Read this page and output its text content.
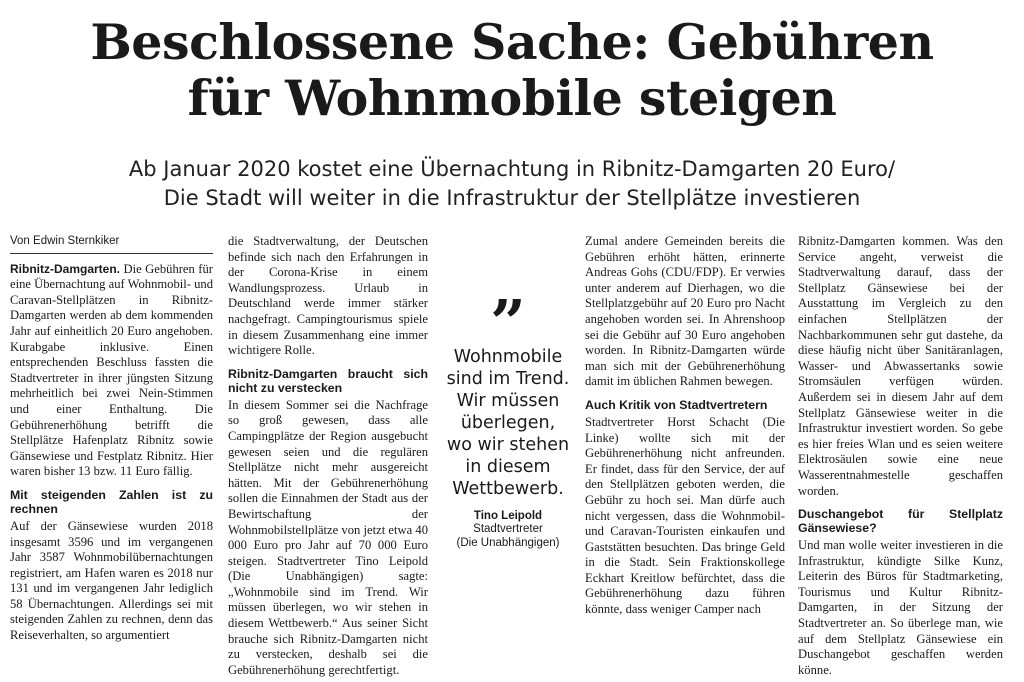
Beschlossene Sache: Gebühren
für Wohnmobile steigen
Ab Januar 2020 kostet eine Übernachtung in Ribnitz-Damgarten 20 Euro/
Die Stadt will weiter in die Infrastruktur der Stellplätze investieren

Von Edwin Sternkiker

Ribnitz-Damgarten. Die Gebühren für eine Übernachtung auf Wohnmobil- und Caravan-Stellplätzen in Ribnitz-Damgarten werden ab dem kommenden Jahr auf einheitlich 20 Euro angehoben. Kurabgabe inklusive. Einen entsprechenden Beschluss fassten die Stadtvertreter in ihrer jüngsten Sitzung mehrheitlich bei zwei Nein-Stimmen und einer Enthaltung. Die Gebührenerhöhung betrifft die Stellplätze Hafenplatz Ribnitz sowie Gänsewiese und Festplatz Ribnitz. Hier waren bisher 13 bzw. 11 Euro fällig.

Mit steigenden Zahlen ist zu rechnen

Auf der Gänsewiese wurden 2018 insgesamt 3596 und im vergangenen Jahr 3587 Wohnmobilübernachtungen registriert, am Hafen waren es 2018 nur 131 und im vergangenen Jahr lediglich 58 Übernachtungen. Allerdings sei mit steigenden Zahlen zu rechnen, denn das Reiseverhalten, so argumentiert

die Stadtverwaltung, der Deutschen befinde sich nach den Erfahrungen in der Corona-Krise in einem Wandlungsprozess. Urlaub in Deutschland werde immer stärker nachgefragt. Campingtourismus spiele in diesem Zusammenhang eine immer wichtigere Rolle.

Ribnitz-Damgarten braucht sich nicht zu verstecken

In diesem Sommer sei die Nachfrage so groß gewesen, dass alle Campingplätze der Region ausgebucht gewesen seien und die regulären Stellplätze nicht mehr ausgereicht hätten. Mit der Gebührenerhöhung sollen die Einnahmen der Stadt aus der Bewirtschaftung der Wohnmobilstellplätze von jetzt etwa 40 000 Euro pro Jahr auf 70 000 Euro steigen. Stadtvertreter Tino Leipold (Die Unabhängigen) sagte: „Wohnmobile sind im Trend. Wir müssen überlegen, wo wir stehen in diesem Wettbewerb.“ Aus seiner Sicht brauche sich Ribnitz-Damgarten nicht zu verstecken, deshalb sei die Gebührenerhöhung gerechtfertigt.

”
Wohnmobile
sind im Trend.
Wir müssen
überlegen,
wo wir stehen
in diesem
Wettbewerb.
Tino Leipold
Stadtvertreter
(Die Unabhängigen)

Zumal andere Gemeinden bereits die Gebühren erhöht hätten, erinnerte Andreas Gohs (CDU/FDP). Er verwies unter anderem auf Dierhagen, wo die Stellplatzgebühr auf 20 Euro pro Nacht angehoben worden sei. In Ahrenshoop sei die Gebühr auf 30 Euro angehoben worden. In Ribnitz-Damgarten würde man sich mit der Gebührenerhöhung damit im üblichen Rahmen bewegen.

Auch Kritik von Stadtvertretern

Stadtvertreter Horst Schacht (Die Linke) wollte sich mit der Gebührenerhöhung nicht anfreunden. Er findet, dass für den Service, der auf den Stellplätzen geboten werden, die Gebühr zu hoch sei. Man dürfe auch nicht vergessen, dass die Wohnmobil- und Caravan-Touristen einkaufen und Gaststätten besuchten. Das bringe Geld in die Stadt. Sein Fraktionskollege Eckhart Kreitlow befürchtet, dass die Gebührenerhöhung dazu führen könnte, dass weniger Camper nach

Ribnitz-Damgarten kommen. Was den Service angeht, verweist die Stadtverwaltung darauf, dass der Stellplatz Gänsewiese bei der Ausstattung im Vergleich zu den einfachen Stellplätzen der Nachbarkommunen sehr gut dastehe, da diese häufig nicht über Sanitäranlagen, Wasser- und Abwassertanks sowie Stromsäulen verfügen würden. Außerdem sei in diesem Jahr auf dem Stellplatz Gänsewiese weiter in die Infrastruktur investiert worden. So gebe es hier freies Wlan und es seien weitere Elektrosäulen sowie eine neue Wasserentnahmestelle geschaffen worden.

Duschangebot für Stellplatz Gänsewiese?

Und man wolle weiter investieren in die Infrastruktur, kündigte Silke Kunz, Leiterin des Büros für Stadtmarketing, Tourismus und Kultur Ribnitz-Damgarten, in der Sitzung der Stadtvertreter an. So überlege man, wie auf dem Stellplatz Gänsewiese ein Duschangebot geschaffen werden könne.
